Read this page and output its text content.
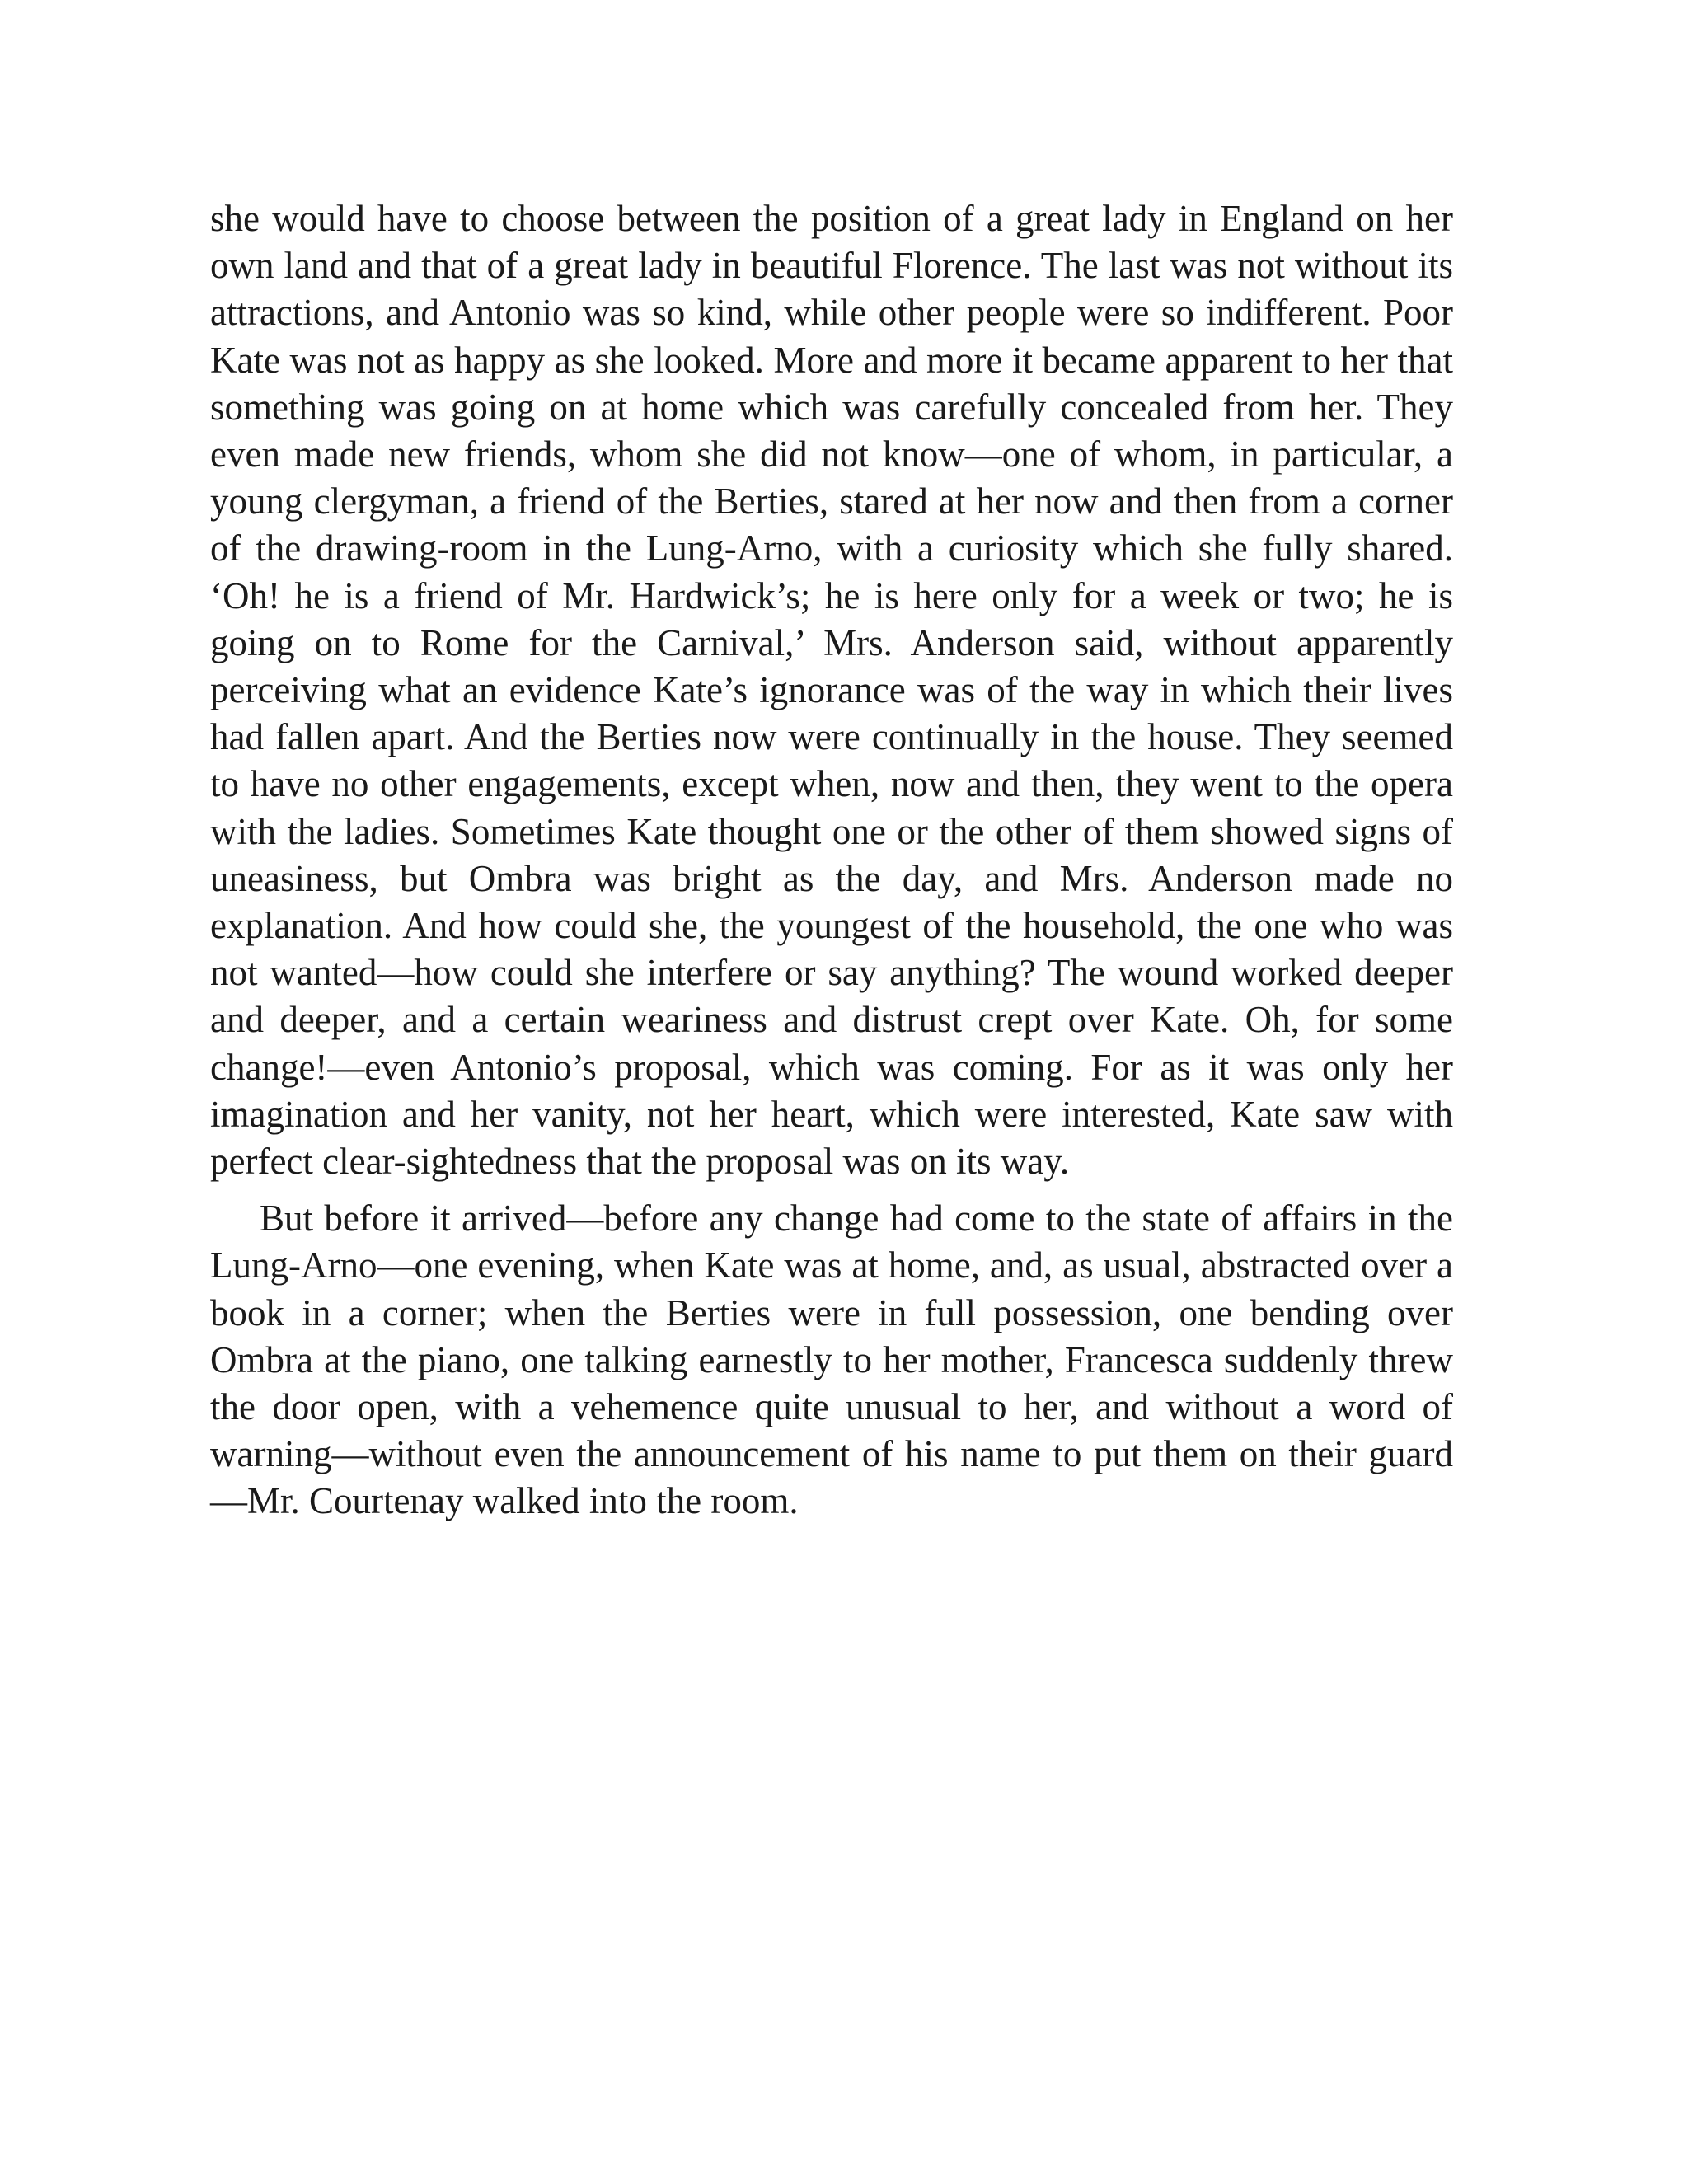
she would have to choose between the position of a great lady in England on her own land and that of a great lady in beautiful Florence. The last was not without its attractions, and Antonio was so kind, while other people were so indifferent. Poor Kate was not as happy as she looked. More and more it became apparent to her that something was going on at home which was carefully concealed from her. They even made new friends, whom she did not know—one of whom, in particular, a young clergyman, a friend of the Berties, stared at her now and then from a corner of the drawing-room in the Lung-Arno, with a curiosity which she fully shared. ‘Oh! he is a friend of Mr. Hardwick’s; he is here only for a week or two; he is going on to Rome for the Carnival,’ Mrs. Anderson said, without apparently perceiving what an evidence Kate’s ignorance was of the way in which their lives had fallen apart. And the Berties now were continually in the house. They seemed to have no other engagements, except when, now and then, they went to the opera with the ladies. Sometimes Kate thought one or the other of them showed signs of uneasiness, but Ombra was bright as the day, and Mrs. Anderson made no explanation. And how could she, the youngest of the household, the one who was not wanted—how could she interfere or say anything? The wound worked deeper and deeper, and a certain weariness and distrust crept over Kate. Oh, for some change!—even Antonio’s proposal, which was coming. For as it was only her imagination and her vanity, not her heart, which were interested, Kate saw with perfect clear-sightedness that the proposal was on its way.

But before it arrived—before any change had come to the state of affairs in the Lung-Arno—one evening, when Kate was at home, and, as usual, abstracted over a book in a corner; when the Berties were in full possession, one bending over Ombra at the piano, one talking earnestly to her mother, Francesca suddenly threw the door open, with a vehemence quite unusual to her, and without a word of warning—without even the announcement of his name to put them on their guard—Mr. Courtenay walked into the room.
